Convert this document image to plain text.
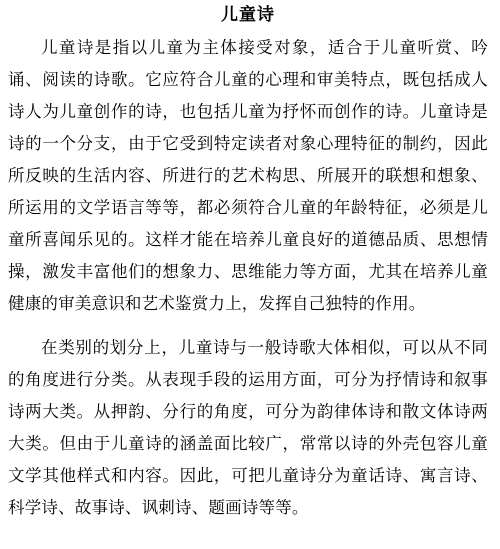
儿童诗

儿童诗是指以儿童为主体接受对象，适合于儿童听赏、吟诵、阅读的诗歌。它应符合儿童的心理和审美特点，既包括成人诗人为儿童创作的诗，也包括儿童为抒怀而创作的诗。儿童诗是诗的一个分支，由于它受到特定读者对象心理特征的制约，因此所反映的生活内容、所进行的艺术构思、所展开的联想和想象、所运用的文学语言等等，都必须符合儿童的年龄特征，必须是儿童所喜闻乐见的。这样才能在培养儿童良好的道德品质、思想情操，激发丰富他们的想象力、思维能力等方面，尤其在培养儿童健康的审美意识和艺术鉴赏力上，发挥自己独特的作用。

在类别的划分上，儿童诗与一般诗歌大体相似，可以从不同的角度进行分类。从表现手段的运用方面，可分为抒情诗和叙事诗两大类。从押韵、分行的角度，可分为韵律体诗和散文体诗两大类。但由于儿童诗的涵盖面比较广，常常以诗的外壳包容儿童文学其他样式和内容。因此，可把儿童诗分为童话诗、寓言诗、科学诗、故事诗、讽刺诗、题画诗等等。
